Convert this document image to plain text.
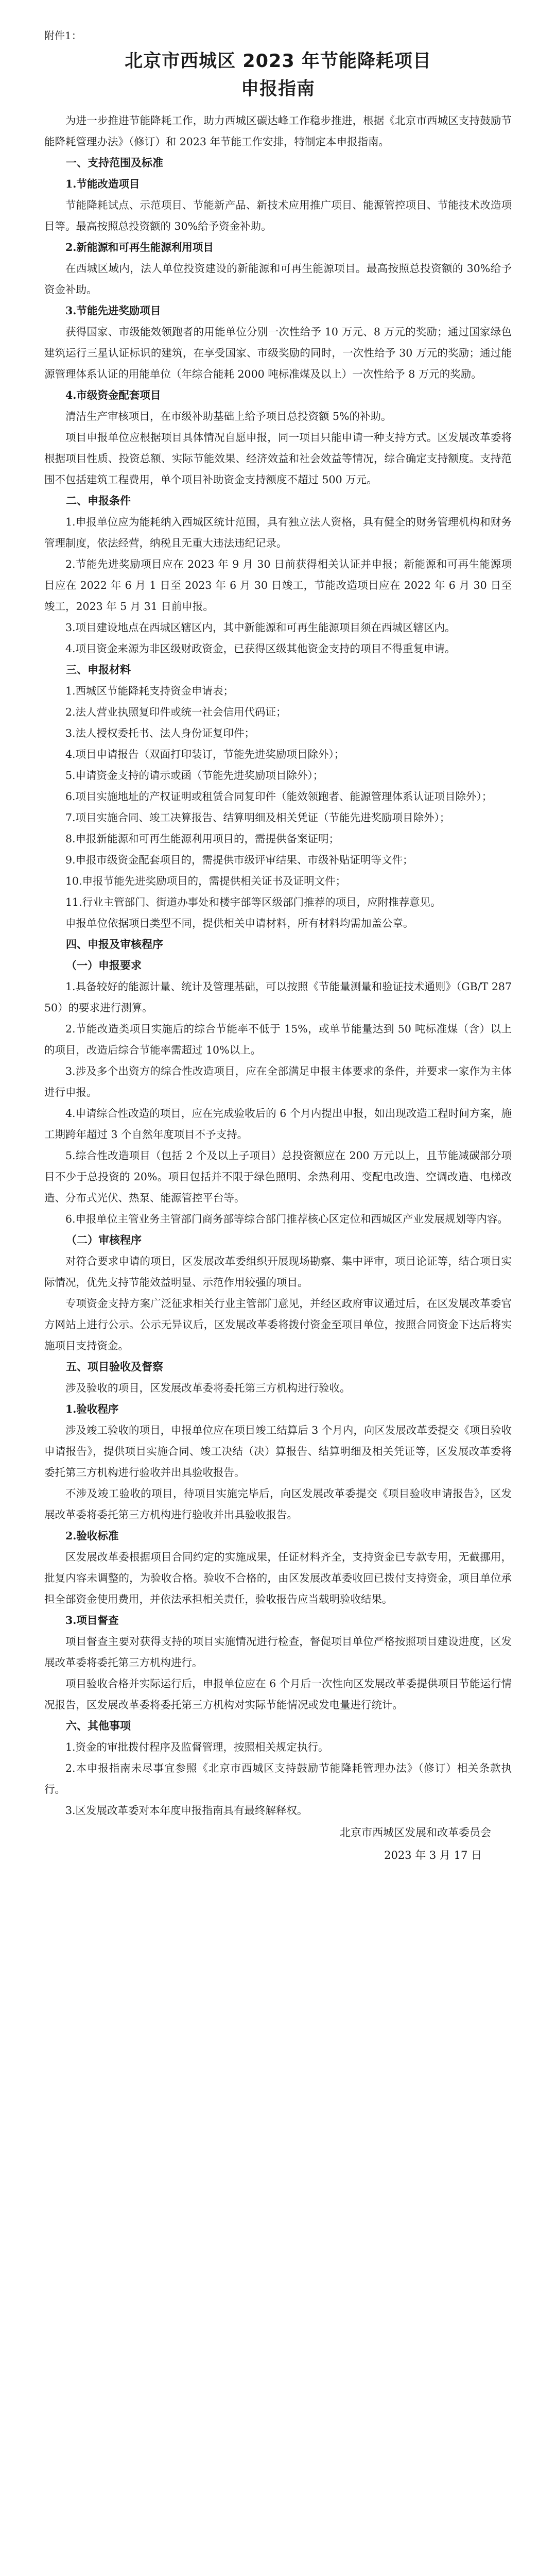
附件1：

北京市西城区 2023 年节能降耗项目
申报指南

为进一步推进节能降耗工作，助力西城区碳达峰工作稳步推进，根据《北京市西城区支持鼓励节能降耗管理办法》（修订）和 2023 年节能工作安排，特制定本申报指南。

一、支持范围及标准

1.节能改造项目

节能降耗试点、示范项目、节能新产品、新技术应用推广项目、能源管控项目、节能技术改造项目等。最高按照总投资额的 30%给予资金补助。

2.新能源和可再生能源利用项目

在西城区域内，法人单位投资建设的新能源和可再生能源项目。最高按照总投资额的 30%给予资金补助。

3.节能先进奖励项目

获得国家、市级能效领跑者的用能单位分别一次性给予 10 万元、8 万元的奖励；通过国家绿色建筑运行三星认证标识的建筑，在享受国家、市级奖励的同时，一次性给予 30 万元的奖励；通过能源管理体系认证的用能单位（年综合能耗 2000 吨标准煤及以上）一次性给予 8 万元的奖励。

4.市级资金配套项目

清洁生产审核项目，在市级补助基础上给予项目总投资额 5%的补助。

项目申报单位应根据项目具体情况自愿申报，同一项目只能申请一种支持方式。区发展改革委将根据项目性质、投资总额、实际节能效果、经济效益和社会效益等情况，综合确定支持额度。支持范围不包括建筑工程费用，单个项目补助资金支持额度不超过 500 万元。

二、申报条件

1.申报单位应为能耗纳入西城区统计范围，具有独立法人资格，具有健全的财务管理机构和财务管理制度，依法经营，纳税且无重大违法违纪记录。

2.节能先进奖励项目应在 2023 年 9 月 30 日前获得相关认证并申报；新能源和可再生能源项目应在 2022 年 6 月 1 日至 2023 年 6 月 30 日竣工，节能改造项目应在 2022 年 6 月 30 日至竣工，2023 年 5 月 31 日前申报。

3.项目建设地点在西城区辖区内，其中新能源和可再生能源项目须在西城区辖区内。

4.项目资金来源为非区级财政资金，已获得区级其他资金支持的项目不得重复申请。

三、申报材料

1.西城区节能降耗支持资金申请表；

2.法人营业执照复印件或统一社会信用代码证；

3.法人授权委托书、法人身份证复印件；

4.项目申请报告（双面打印装订，节能先进奖励项目除外）；

5.申请资金支持的请示或函（节能先进奖励项目除外）；

6.项目实施地址的产权证明或租赁合同复印件（能效领跑者、能源管理体系认证项目除外）；

7.项目实施合同、竣工决算报告、结算明细及相关凭证（节能先进奖励项目除外）；

8.申报新能源和可再生能源利用项目的，需提供备案证明；

9.申报市级资金配套项目的，需提供市级评审结果、市级补贴证明等文件；

10.申报节能先进奖励项目的，需提供相关证书及证明文件；

11.行业主管部门、街道办事处和楼宇部等区级部门推荐的项目，应附推荐意见。

申报单位依据项目类型不同，提供相关申请材料，所有材料均需加盖公章。

四、申报及审核程序

（一）申报要求

1.具备较好的能源计量、统计及管理基础，可以按照《节能量测量和验证技术通则》（GB/T 28750）的要求进行测算。

2.节能改造类项目实施后的综合节能率不低于 15%，或单节能量达到 50 吨标准煤（含）以上的项目，改造后综合节能率需超过 10%以上。

3.涉及多个出资方的综合性改造项目，应在全部满足申报主体要求的条件，并要求一家作为主体进行申报。

4.申请综合性改造的项目，应在完成验收后的 6 个月内提出申报，如出现改造工程时间方案，施工期跨年超过 3 个自然年度项目不予支持。

5.综合性改造项目（包括 2 个及以上子项目）总投资额应在 200 万元以上，且节能减碳部分项目不少于总投资的 20%。项目包括并不限于绿色照明、余热利用、变配电改造、空调改造、电梯改造、分布式光伏、热泵、能源管控平台等。

6.申报单位主管业务主管部门商务部等综合部门推荐核心区定位和西城区产业发展规划等内容。

（二）审核程序

对符合要求申请的项目，区发展改革委组织开展现场勘察、集中评审，项目论证等，结合项目实际情况，优先支持节能效益明显、示范作用较强的项目。

专项资金支持方案广泛征求相关行业主管部门意见，并经区政府审议通过后，在区发展改革委官方网站上进行公示。公示无异议后，区发展改革委将拨付资金至项目单位，按照合同资金下达后将实施项目支持资金。

五、项目验收及督察

涉及验收的项目，区发展改革委将委托第三方机构进行验收。

1.验收程序

涉及竣工验收的项目，申报单位应在项目竣工结算后 3 个月内，向区发展改革委提交《项目验收申请报告》，提供项目实施合同、竣工决结（决）算报告、结算明细及相关凭证等，区发展改革委将委托第三方机构进行验收并出具验收报告。

不涉及竣工验收的项目，待项目实施完毕后，向区发展改革委提交《项目验收申请报告》，区发展改革委将委托第三方机构进行验收并出具验收报告。

2.验收标准

区发展改革委根据项目合同约定的实施成果，任证材料齐全，支持资金已专款专用，无截挪用，批复内容未调整的，为验收合格。验收不合格的，由区发展改革委收回已拨付支持资金，项目单位承担全部资金使用费用，并依法承担相关责任，验收报告应当载明验收结果。

3.项目督查

项目督查主要对获得支持的项目实施情况进行检查，督促项目单位严格按照项目建设进度，区发展改革委将委托第三方机构进行。

项目验收合格并实际运行后，申报单位应在 6 个月后一次性向区发展改革委提供项目节能运行情况报告，区发展改革委将委托第三方机构对实际节能情况或发电量进行统计。

六、其他事项

1.资金的审批拨付程序及监督管理，按照相关规定执行。

2.本申报指南未尽事宜参照《北京市西城区支持鼓励节能降耗管理办法》（修订）相关条款执行。

3.区发展改革委对本年度申报指南具有最终解释权。

北京市西城区发展和改革委员会

2023 年 3 月 17 日
